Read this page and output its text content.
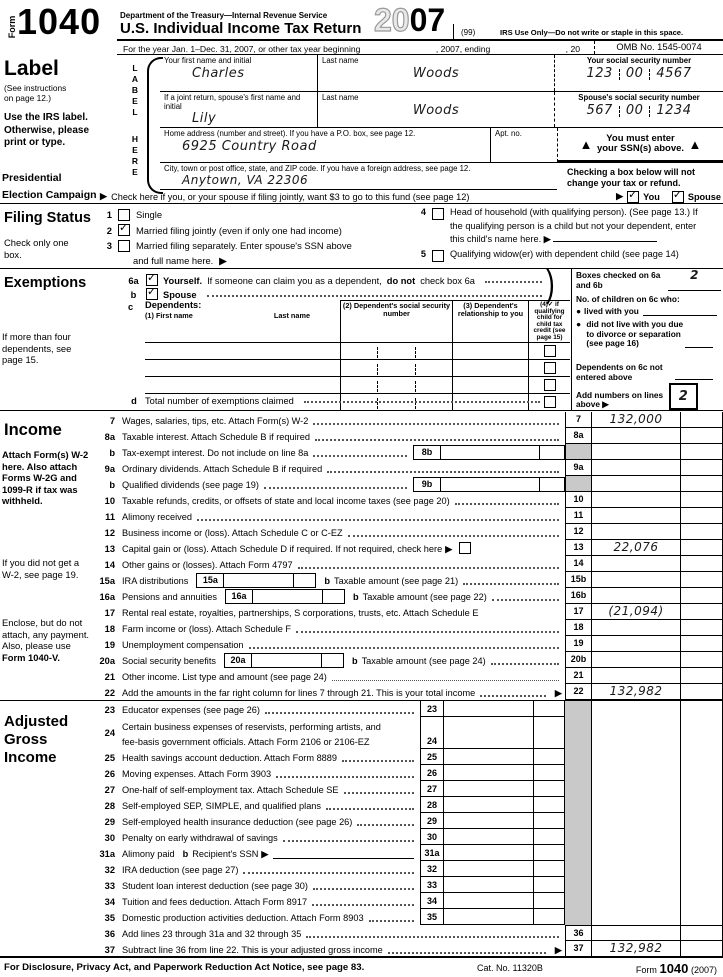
Form 1040 Department of the Treasury—Internal Revenue Service
U.S. Individual Income Tax Return 2007 (99)	IRS Use Only—Do not write or staple in this space.
For the year Jan. 1–Dec. 31, 2007, or other tax year beginning	, 2007, ending	, 20	OMB No. 1545-0074
Label
(See instructions on page 12.)
Use the IRS label. Otherwise, please print or type.
Presidential
Election Campaign
LABEL
HERE
Your first name and initial
Charles
Last name
Woods
Your social security number
123 00 4567
If a joint return, spouse's first name and initial
Lily
Last name
Woods
Spouse's social security number
567 00 1234
Home address (number and street). If you have a P.O. box, see page 12.
6925 Country Road
Apt. no.
▲	You must enter your SSN(s) above. ▲
City, town or post office, state, and ZIP code. If you have a foreign address, see page 12.
Anytown, VA 22306
Checking a box below will not change your tax or refund.
▶ Check here if you, or your spouse if filing jointly, want $3 to go to this fund (see page 12)	▶ ✓ You ✓	Spouse
Filing Status
Check only one box.
1	Single
2 ✓	Married filing jointly (even if only one had income)
3	Married filing separately. Enter spouse's SSN above
and full name here. ▶
4	Head of household (with qualifying person). (See page 13.) If
the qualifying person is a child but not your dependent, enter
this child's name here. ▶
5	Qualifying widow(er) with dependent child (see page 14)
Exemptions
If more than four dependents, see page 15.
6a ✓	Yourself. If someone can claim you as a dependent, do not check box 6a
b ✓	Spouse
c Dependents:
(1) First name	Last name
(2) Dependent's social security number
(3) Dependent's relationship to you
(4)✓ if qualifying child for child tax credit (see page 15)
d Total number of exemptions claimed
Boxes checked on 6a and 6b
2
No. of children on 6c who:
● lived with you
● did not live with you due to divorce or separation (see page 16)
Dependents on 6c not entered above
Add numbers on lines above ▶
2
)
Income
Attach Form(s) W-2 here. Also attach Forms W-2G and 1099-R if tax was withheld.
If you did not get a W-2, see page 19.
Enclose, but do not attach, any payment. Also, please use Form 1040-V.
7 Wages, salaries, tips, etc. Attach Form(s) W-2	7	132,000
8a Taxable interest. Attach Schedule B if required	8a
b Tax-exempt interest. Do not include on line 8a	8b
9a Ordinary dividends. Attach Schedule B if required	9a
b Qualified dividends (see page 19)	9b
10 Taxable refunds, credits, or offsets of state and local income taxes (see page 20)	10
11 Alimony received	11
12 Business income or (loss). Attach Schedule C or C-EZ	12
13 Capital gain or (loss). Attach Schedule D if required. If not required, check here ▶	13	22,076
14 Other gains or (losses). Attach Form 4797	14
15a IRA distributions	15a	b Taxable amount (see page 21)	15b
16a Pensions and annuities	16a	b Taxable amount (see page 22)	16b
17 Rental real estate, royalties, partnerships, S corporations, trusts, etc. Attach Schedule E	17	(21,094)
18 Farm income or (loss). Attach Schedule F	18
19 Unemployment compensation	19
20a Social security benefits	20a	b Taxable amount (see page 24)	20b
21 Other income. List type and amount (see page 24)	21
22 Add the amounts in the far right column for lines 7 through 21. This is your total income	▶	22	132,982
Adjusted Gross Income
23 Educator expenses (see page 26)	23
24
Certain business expenses of reservists, performing artists, and
fee-basis government officials. Attach Form 2106 or 2106-EZ	24
25 Health savings account deduction. Attach Form 8889	25
26 Moving expenses. Attach Form 3903	26
27 One-half of self-employment tax. Attach Schedule SE	27
28 Self-employed SEP, SIMPLE, and qualified plans	28
29 Self-employed health insurance deduction (see page 26)	29
30 Penalty on early withdrawal of savings	30
31a Alimony paid b Recipient's SSN ▶	31a
32 IRA deduction (see page 27)	32
33 Student loan interest deduction (see page 30)	33
34 Tuition and fees deduction. Attach Form 8917	34
35 Domestic production activities deduction. Attach Form 8903	35
36 Add lines 23 through 31a and 32 through 35	36
37 Subtract line 36 from line 22. This is your adjusted gross income	▶	37	132,982
For Disclosure, Privacy Act, and Paperwork Reduction Act Notice, see page 83.	Cat. No. 11320B	Form 1040 (2007)
